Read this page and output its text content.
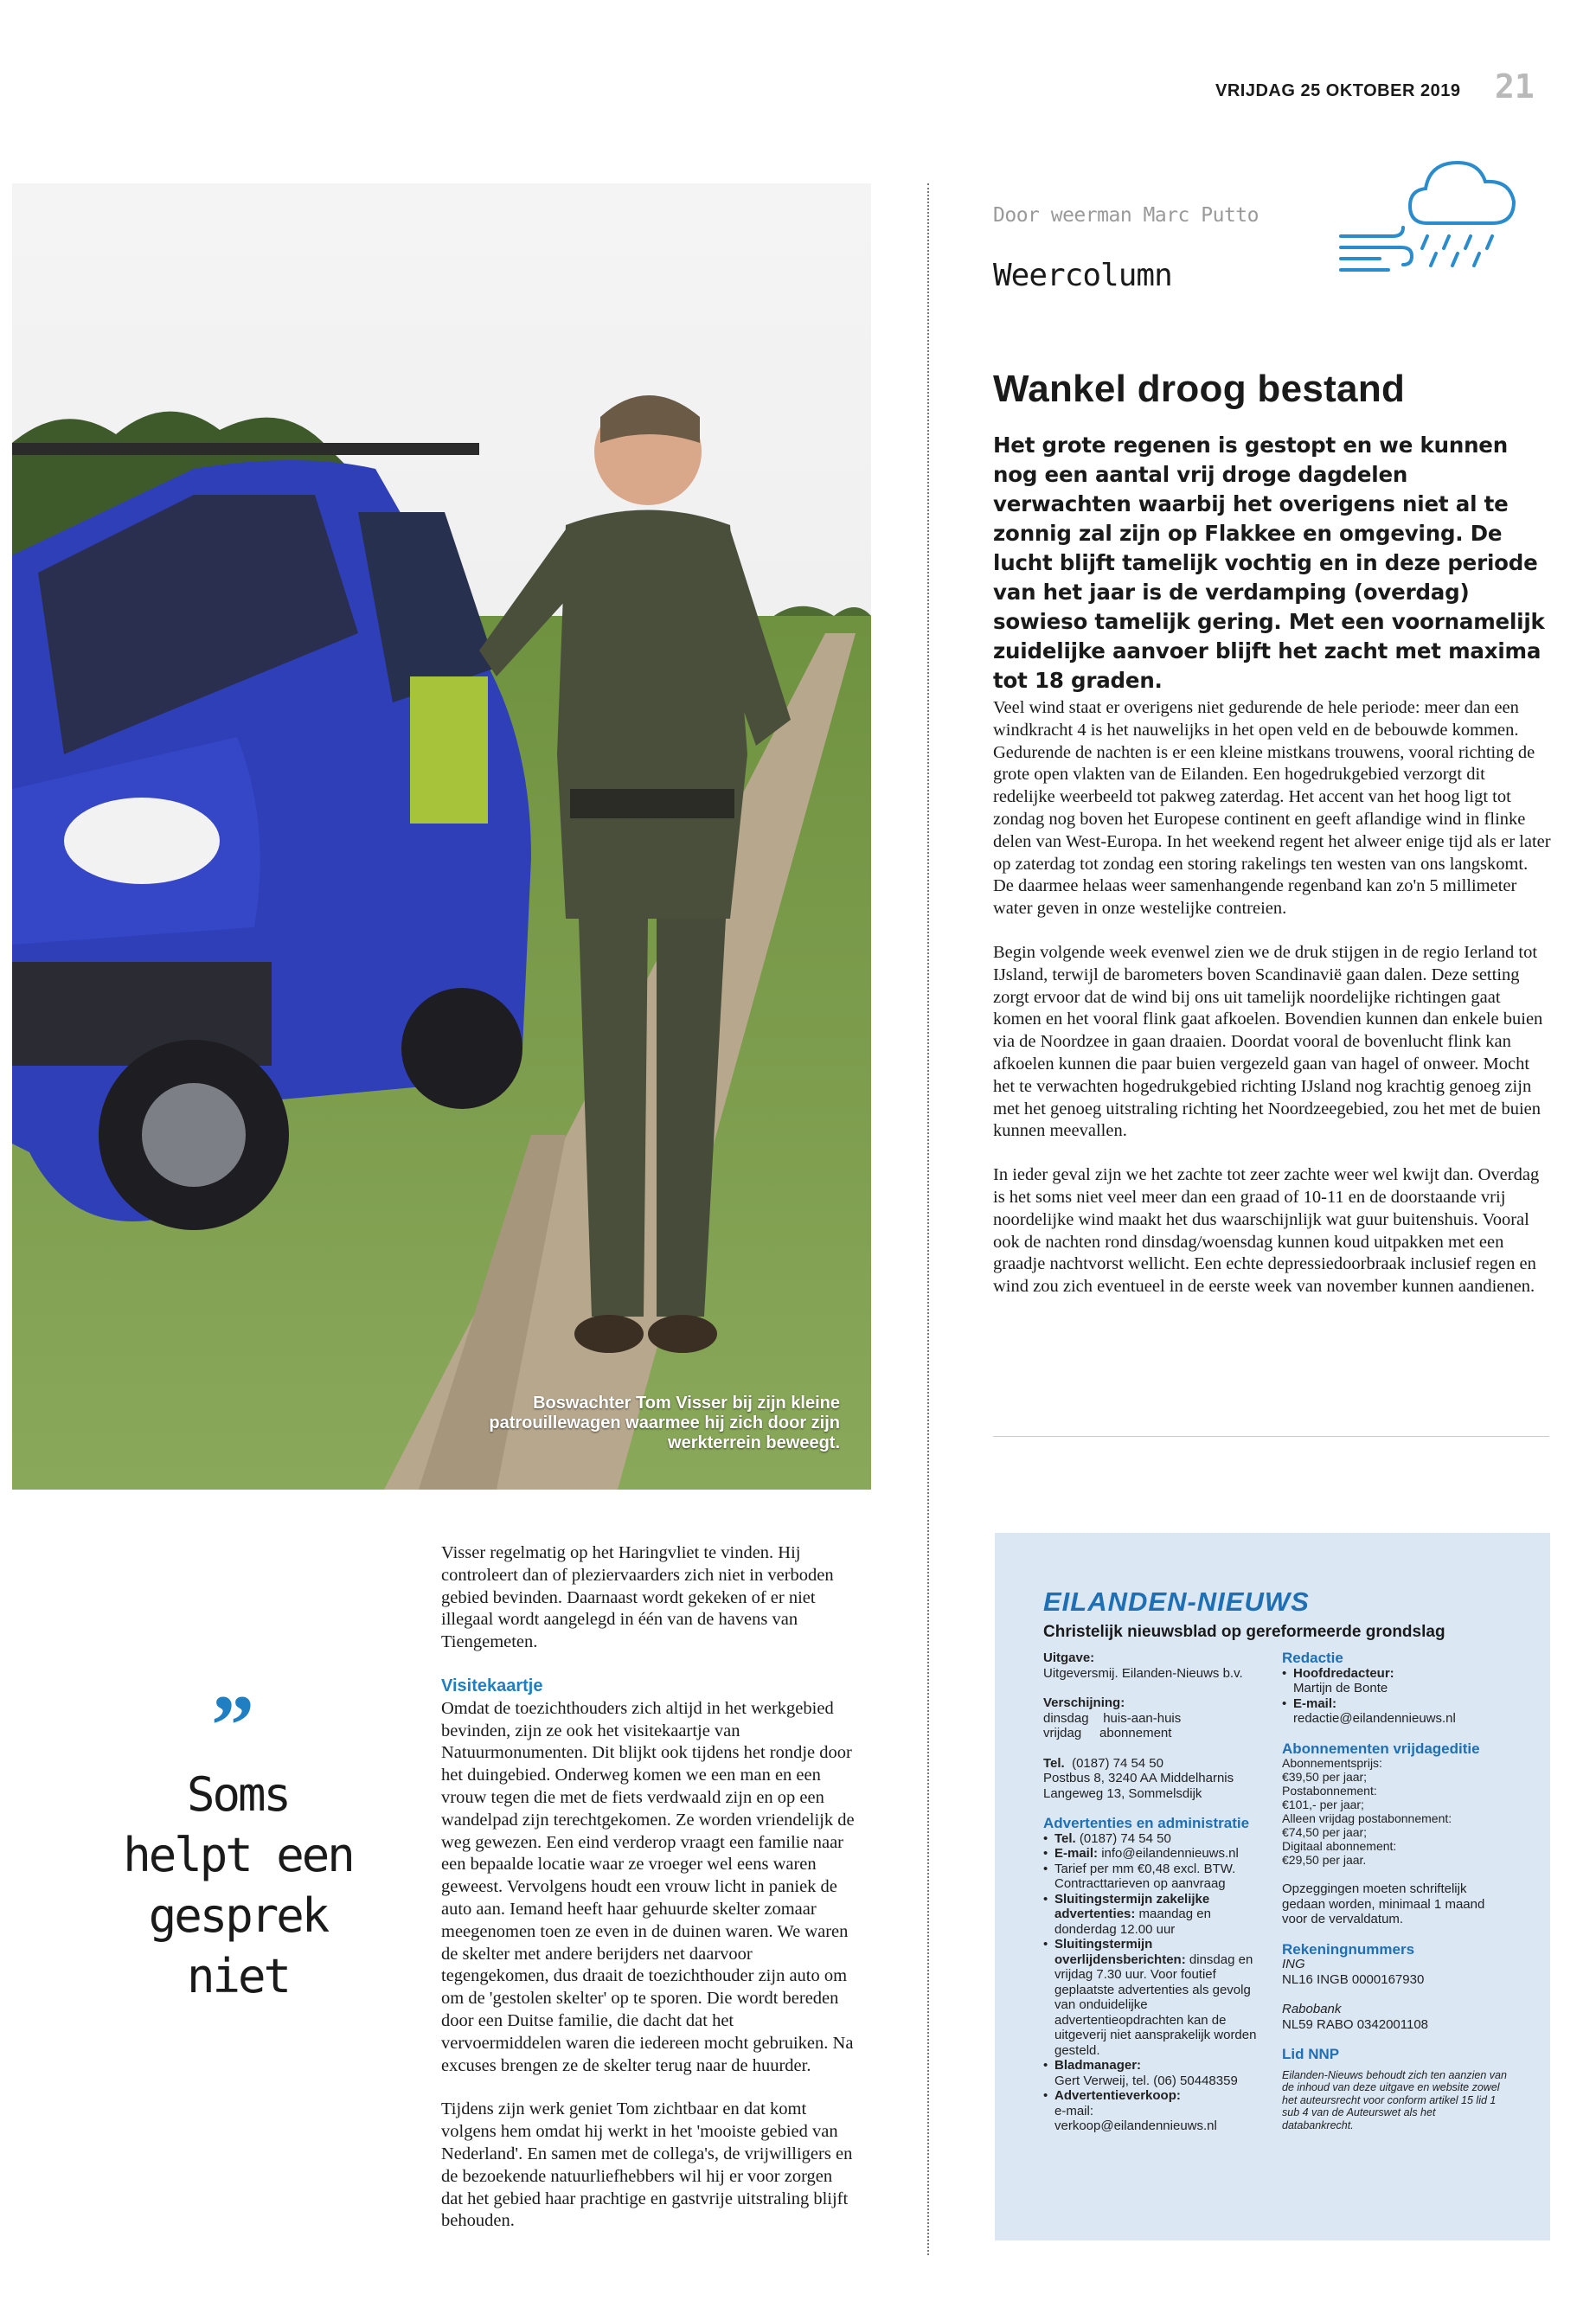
VRIJDAG 25 OKTOBER 2019 21
Boswachter Tom Visser bij zijn kleine patrouillewagen waarmee hij zich door zijn werkterrein beweegt.
Door weerman Marc Putto
Weercolumn
Wankel droog bestand
Het grote regenen is gestopt en we kunnen nog een aantal vrij droge dagdelen verwachten waarbij het overigens niet al te zonnig zal zijn op Flakkee en omgeving. De lucht blijft tamelijk vochtig en in deze periode van het jaar is de verdamping (overdag) sowieso tamelijk gering. Met een voornamelijk zuidelijke aanvoer blijft het zacht met maxima tot 18 graden.

Veel wind staat er overigens niet gedurende de hele periode: meer dan een windkracht 4 is het nauwelijks in het open veld en de bebouwde kommen. Gedurende de nachten is er een kleine mistkans trouwens, vooral richting de grote open vlakten van de Eilanden. Een hogedrukgebied verzorgt dit redelijke weerbeeld tot pakweg zaterdag. Het accent van het hoog ligt tot zondag nog boven het Europese continent en geeft aflandige wind in flinke delen van West-Europa. In het weekend regent het alweer enige tijd als er later op zaterdag tot zondag een storing rakelings ten westen van ons langskomt. De daarmee helaas weer samenhangende regenband kan zo'n 5 millimeter water geven in onze westelijke contreien.

Begin volgende week evenwel zien we de druk stijgen in de regio Ierland tot IJsland, terwijl de barometers boven Scandinavië gaan dalen. Deze setting zorgt ervoor dat de wind bij ons uit tamelijk noordelijke richtingen gaat komen en het vooral flink gaat afkoelen. Bovendien kunnen dan enkele buien via de Noordzee in gaan draaien. Doordat vooral de bovenlucht flink kan afkoelen kunnen die paar buien vergezeld gaan van hagel of onweer. Mocht het te verwachten hogedrukgebied richting IJsland nog krachtig genoeg zijn met het genoeg uitstraling richting het Noordzeegebied, zou het met de buien kunnen meevallen.

In ieder geval zijn we het zachte tot zeer zachte weer wel kwijt dan. Overdag is het soms niet veel meer dan een graad of 10-11 en de doorstaande vrij noordelijke wind maakt het dus waarschijnlijk wat guur buitenshuis. Vooral ook de nachten rond dinsdag/woensdag kunnen koud uitpakken met een graadje nachtvorst wellicht. Een echte depressiedoorbraak inclusief regen en wind zou zich eventueel in de eerste week van november kunnen aandienen.

”
Soms helpt een gesprek niet

Visser regelmatig op het Haringvliet te vinden. Hij controleert dan of pleziervaarders zich niet in verboden gebied bevinden. Daarnaast wordt gekeken of er niet illegaal wordt aangelegd in één van de havens van Tiengemeten.

Visitekaartje

Omdat de toezichthouders zich altijd in het werkgebied bevinden, zijn ze ook het visitekaartje van Natuurmonumenten. Dit blijkt ook tijdens het rondje door het duingebied. Onderweg komen we een man en een vrouw tegen die met de fiets verdwaald zijn en op een wandelpad zijn terechtgekomen. Ze worden vriendelijk de weg gewezen. Een eind verderop vraagt een familie naar een bepaalde locatie waar ze vroeger wel eens waren geweest. Vervolgens houdt een vrouw licht in paniek de auto aan. Iemand heeft haar gehuurde skelter zomaar meegenomen toen ze even in de duinen waren. We waren de skelter met andere berijders net daarvoor tegengekomen, dus draait de toezichthouder zijn auto om om de 'gestolen skelter' op te sporen. Die wordt bereden door een Duitse familie, die dacht dat het vervoermiddelen waren die iedereen mocht gebruiken. Na excuses brengen ze de skelter terug naar de huurder.

Tijdens zijn werk geniet Tom zichtbaar en dat komt volgens hem omdat hij werkt in het 'mooiste gebied van Nederland'. En samen met de collega's, de vrijwilligers en de bezoekende natuurliefhebbers wil hij er voor zorgen dat het gebied haar prachtige en gastvrije uitstraling blijft behouden.

EILANDEN-NIEUWS
Christelijk nieuwsblad op gereformeerde grondslag
Uitgave:
Uitgeversmij. Eilanden-Nieuws b.v.
Verschijning:
dinsdag    huis-aan-huis
vrijdag     abonnement
Tel. (0187) 74 54 50
Postbus 8, 3240 AA Middelharnis
Langeweg 13, Sommelsdijk
Advertenties en administratie
• Tel. (0187) 74 54 50
• E-mail: info@eilandennieuws.nl
• Tarief per mm €0,48 excl. BTW. Contracttarieven op aanvraag
• Sluitingstermijn zakelijke advertenties: maandag en donderdag 12.00 uur
• Sluitingstermijn overlijdensberichten: dinsdag en vrijdag 7.30 uur. Voor foutief geplaatste advertenties als gevolg van onduidelijke advertentieopdrachten kan de uitgeverij niet aansprakelijk worden gesteld.
• Bladmanager:
Gert Verweij, tel. (06) 50448359
• Advertentieverkoop:
e-mail:
verkoop@eilandennieuws.nl
Redactie
• Hoofdredacteur:
Martijn de Bonte
• E-mail:
redactie@eilandennieuws.nl
Abonnementen vrijdageditie
Abonnementsprijs:
€39,50 per jaar;
Postabonnement:
€101,- per jaar;
Alleen vrijdag postabonnement:
€74,50 per jaar;
Digitaal abonnement:
€29,50 per jaar.
Opzeggingen moeten schriftelijk gedaan worden, minimaal 1 maand voor de vervaldatum.
Rekeningnummers
ING
NL16 INGB 0000167930
Rabobank
NL59 RABO 0342001108
Lid NNP
Eilanden-Nieuws behoudt zich ten aanzien van de inhoud van deze uitgave en website zowel het auteursrecht voor conform artikel 15 lid 1 sub 4 van de Auteurswet als het databankrecht.
